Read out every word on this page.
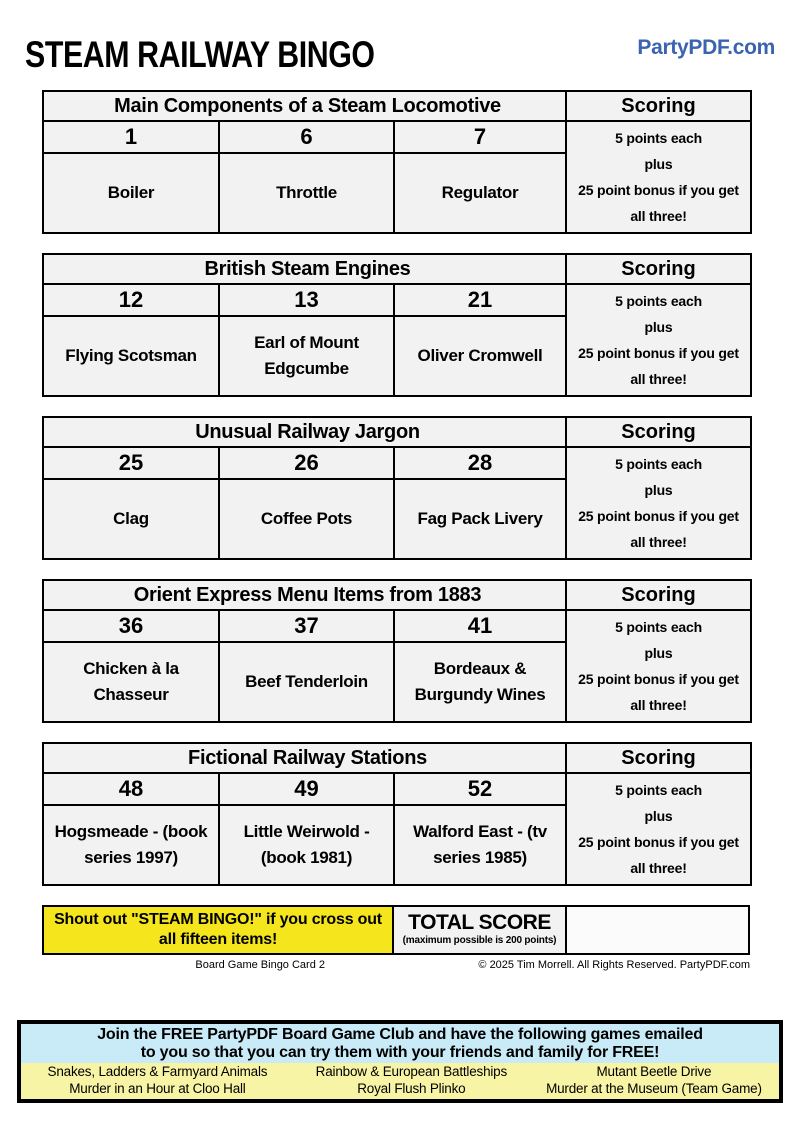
STEAM RAILWAY BINGO	PartyPDF.com
Main Components of a Steam Locomotive			Scoring
1	6	7	5 points each
plus
25 point bonus if you get all three!

Boiler	Throttle	Regulator	
British Steam Engines			Scoring
12	13	21	5 points each
plus
25 point bonus if you get all three!

Flying Scotsman	Earl of Mount Edgcumbe	Oliver Cromwell	
Unusual Railway Jargon			Scoring
25	26	28	5 points each
plus
25 point bonus if you get all three!

Clag	Coffee Pots	Fag Pack Livery	
Orient Express Menu Items from 1883			Scoring
36	37	41	5 points each
plus
25 point bonus if you get all three!

Chicken à la Chasseur	Beef Tenderloin	Bordeaux & Burgundy Wines	
Fictional Railway Stations			Scoring
48	49	52	5 points each
plus
25 point bonus if you get all three!

Hogsmeade - (book series 1997)	Little Weirwold - (book 1981)	Walford East - (tv series 1985)	
Shout out "STEAM BINGO!" if you cross out all fifteen items!
TOTAL SCORE
(maximum possible is 200 points)
Board Game Bingo Card 2	© 2025 Tim Morrell. All Rights Reserved. PartyPDF.com
Join the FREE PartyPDF Board Game Club and have the following games emailed
to you so that you can try them with your friends and family for FREE!
Snakes, Ladders & Farmyard Animals	Rainbow & European Battleships	Mutant Beetle Drive
Murder in an Hour at Cloo Hall	Royal Flush Plinko	Murder at the Museum (Team Game)
